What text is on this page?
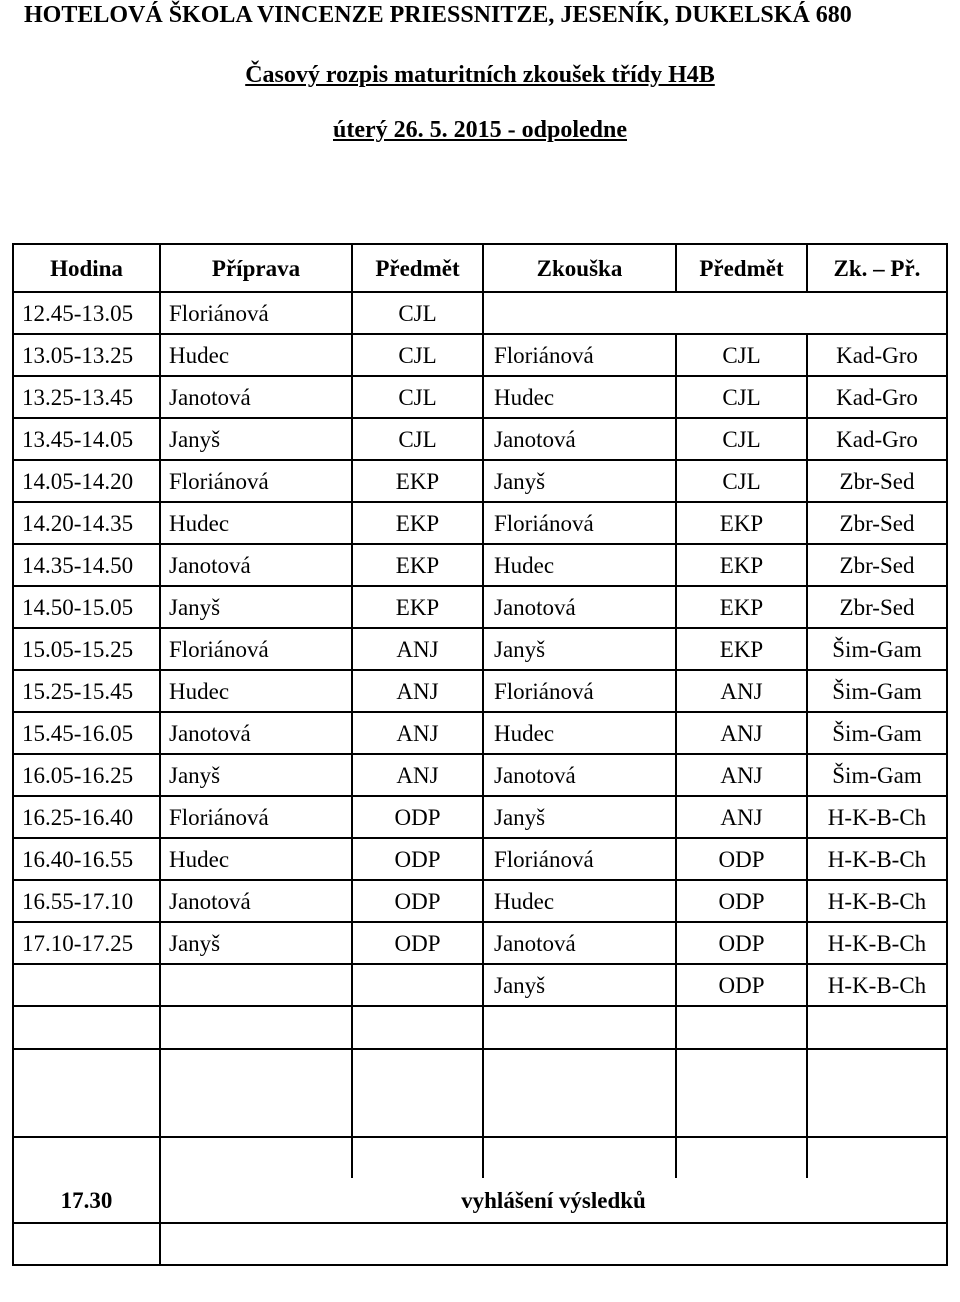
HOTELOVÁ ŠKOLA VINCENZE PRIESSNITZE, JESENÍK, DUKELSKÁ 680
Časový rozpis maturitních zkoušek třídy H4B
úterý 26. 5. 2015 - odpoledne
Hodina	Příprava	Předmět	Zkouška	Předmět	Zk. – Př.
12.45-13.05	Floriánová	CJL			
13.05-13.25	Hudec	CJL	Floriánová	CJL	Kad-Gro
13.25-13.45	Janotová	CJL	Hudec	CJL	Kad-Gro
13.45-14.05	Janyš	CJL	Janotová	CJL	Kad-Gro
14.05-14.20	Floriánová	EKP	Janyš	CJL	Zbr-Sed
14.20-14.35	Hudec	EKP	Floriánová	EKP	Zbr-Sed
14.35-14.50	Janotová	EKP	Hudec	EKP	Zbr-Sed
14.50-15.05	Janyš	EKP	Janotová	EKP	Zbr-Sed
15.05-15.25	Floriánová	ANJ	Janyš	EKP	Šim-Gam
15.25-15.45	Hudec	ANJ	Floriánová	ANJ	Šim-Gam
15.45-16.05	Janotová	ANJ	Hudec	ANJ	Šim-Gam
16.05-16.25	Janyš	ANJ	Janotová	ANJ	Šim-Gam
16.25-16.40	Floriánová	ODP	Janyš	ANJ	H-K-B-Ch
16.40-16.55	Hudec	ODP	Floriánová	ODP	H-K-B-Ch
16.55-17.10	Janotová	ODP	Hudec	ODP	H-K-B-Ch
17.10-17.25	Janyš	ODP	Janotová	ODP	H-K-B-Ch
			Janyš	ODP	H-K-B-Ch

17.30	vyhlášení výsledků				
